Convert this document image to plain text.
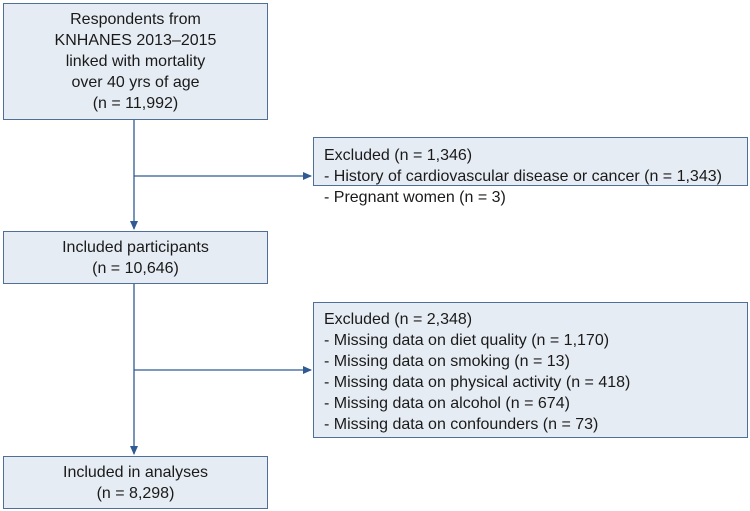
Respondents from
KNHANES 2013–2015
linked with mortality
over 40 yrs of age
(n = 11,992)
Excluded (n = 1,346)
- History of cardiovascular disease or cancer (n = 1,343)
- Pregnant women (n = 3)
Included participants
(n = 10,646)
Excluded (n = 2,348)
- Missing data on diet quality (n = 1,170)
- Missing data on smoking (n = 13)
- Missing data on physical activity (n = 418)
- Missing data on alcohol (n = 674)
- Missing data on confounders (n = 73)
Included in analyses
(n = 8,298)
